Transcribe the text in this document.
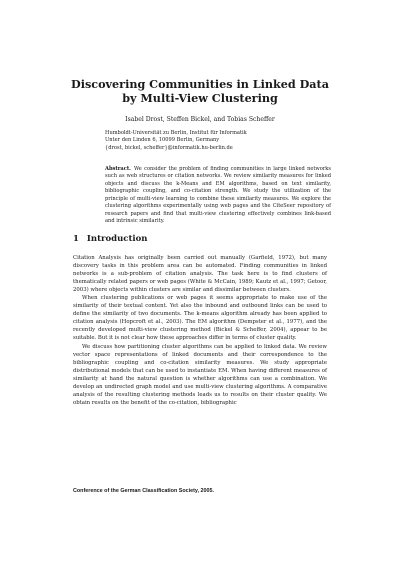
Discovering Communities in Linked Data
by Multi-View Clustering
Isabel Drost, Steffen Bickel, and Tobias Scheffer
Humboldt-Universität zu Berlin, Institut für Informatik
Unter den Linden 6, 10099 Berlin, Germany
{drost, bickel, scheffer}@informatik.hu-berlin.de
Abstract. We consider the problem of finding communities in large linked networks such as web structures or citation networks. We review similarity measures for linked objects and discuss the k-Means and EM algorithms, based on text similarity, bibliographic coupling, and co-citation strength. We study the utilization of the principle of multi-view learning to combine these similarity measures. We explore the clustering algorithms experimentally using web pages and the CiteSeer repository of research papers and find that multi-view clustering effectively combines link-based and intrinsic similarity.
1 Introduction

Citation Analysis has originally been carried out manually (Garfield, 1972), but many discovery tasks in this problem area can be automated. Finding communities in linked networks is a sub-problem of citation analysis. The task here is to find clusters of thematically related papers or web pages (White & McCain, 1989; Kautz et al., 1997; Getoor, 2003) where objects within clusters are similar and dissimilar between clusters.

When clustering publications or web pages it seems appropriate to make use of the similarity of their textual content. Yet also the inbound and outbound links can be used to define the similarity of two documents. The k-means algorithm already has been applied to citation analysis (Hopcroft et al., 2003). The EM algorithm (Dempster et al., 1977), and the recently developed multi-view clustering method (Bickel & Scheffer, 2004), appear to be suitable. But it is not clear how these approaches differ in terms of cluster quality.

We discuss how partitioning cluster algorithms can be applied to linked data. We review vector space representations of linked documents and their correspondence to the bibliographic coupling and co-citation similarity measures. We study appropriate distributional models that can be used to instantiate EM. When having different measures of similarity at hand the natural question is whether algorithms can use a combination. We develop an undirected graph model and use multi-view clustering algorithms. A comparative analysis of the resulting clustering methods leads us to results on their cluster quality. We obtain results on the benefit of the co-citation, bibliographic

Conference of the German Classification Society, 2005.
